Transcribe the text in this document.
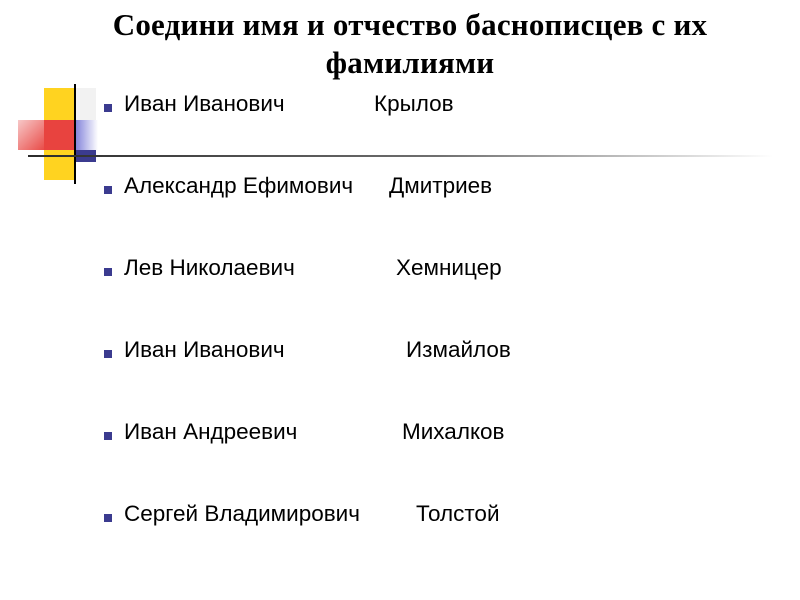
Соедини имя и отчество баснописцев с их фамилиями
Иван Иванович	Крылов
Александр Ефимович Дмитриев
Лев Николаевич	Хемницер
Иван Иванович	Измайлов
Иван Андреевич	Михалков
Сергей Владимирович Толстой
